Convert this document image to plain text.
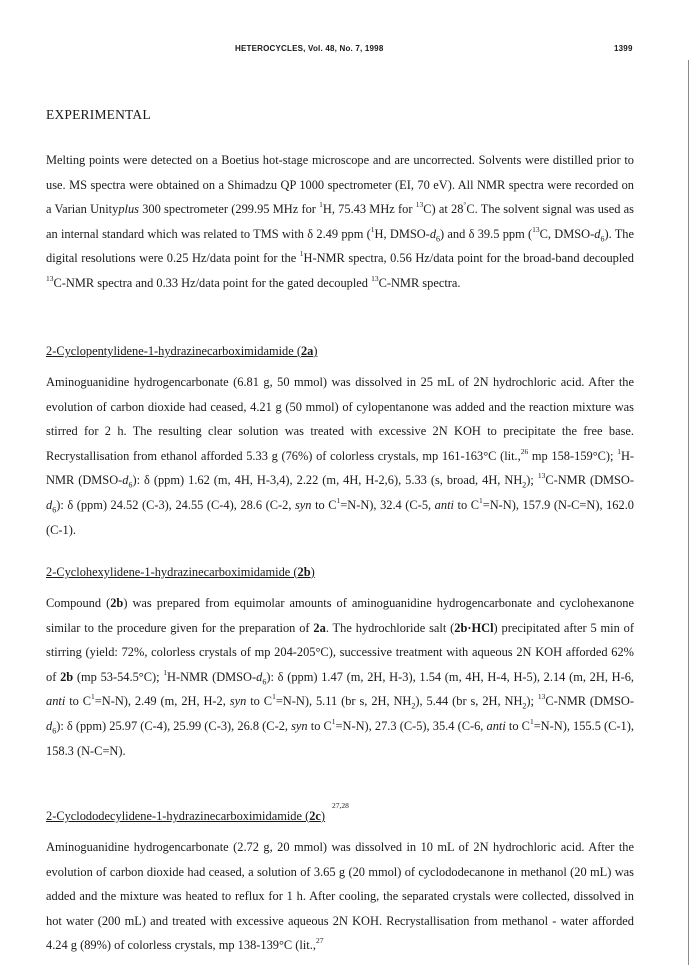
HETEROCYCLES, Vol. 48, No. 7, 1998	1399
EXPERIMENTAL

Melting points were detected on a Boetius hot-stage microscope and are uncorrected. Solvents were distilled prior to use. MS spectra were obtained on a Shimadzu QP 1000 spectrometer (EI, 70 eV). All NMR spectra were recorded on a Varian Unityplus 300 spectrometer (299.95 MHz for $^1$H, 75.43 MHz for $^{13}$C) at 28°C. The solvent signal was used as an internal standard which was related to TMS with δ 2.49 ppm ($^1$H, DMSO-$d_6$) and δ 39.5 ppm ($^{13}$C, DMSO-$d_6$). The digital resolutions were 0.25 Hz/data point for the $^1$H-NMR spectra, 0.56 Hz/data point for the broad-band decoupled $^{13}$C-NMR spectra and 0.33 Hz/data point for the gated decoupled $^{13}$C-NMR spectra.

2-Cyclopentylidene-1-hydrazinecarboximidamide (2a)

Aminoguanidine hydrogencarbonate (6.81 g, 50 mmol) was dissolved in 25 mL of 2N hydrochloric acid. After the evolution of carbon dioxide had ceased, 4.21 g (50 mmol) of cylopentanone was added and the reaction mixture was stirred for 2 h. The resulting clear solution was treated with excessive 2N KOH to precipitate the free base. Recrystallisation from ethanol afforded 5.33 g (76%) of colorless crystals, mp 161-163°C (lit.,$^{26}$ mp 158-159°C); $^1$H-NMR $(DMSO-d_6)$: δ (ppm) 1.62 (m, 4H, H-3,4), 2.22 (m, 4H, H-2,6), 5.33 (s, broad, 4H, $NH_2$); $^{13}$C-NMR $(DMSO-d_6)$: δ (ppm) 24.52 (C-3), 24.55 (C-4), 28.6 (C-2, syn to $C^1=N-N$), 32.4 (C-5, anti to $C^1=N-N$), 157.9 (N-C=N), 162.0 (C-1).

2-Cyclohexylidene-1-hydrazinecarboximidamide (2b)

Compound (2b) was prepared from equimolar amounts of aminoguanidine hydrogencarbonate and cyclohexanone similar to the procedure given for the preparation of 2a. The hydrochloride salt (2b·HCl) precipitated after 5 min of stirring (yield: 72%, colorless crystals of mp 204-205°C), successive treatment with aqueous 2N KOH afforded 62% of 2b (mp 53-54.5°C); $^1$H-NMR $(DMSO-d_6)$: δ (ppm) 1.47 (m, 2H, H-3), 1.54 (m, 4H, H-4, H-5), 2.14 (m, 2H, H-6, anti to $C^1=N-N$), 2.49 (m, 2H, H-2, syn to $C^1=N-N$), 5.11 (br s, 2H, $NH_2$), 5.44 (br s, 2H, $NH_2$); $^{13}$C-NMR $(DMSO-d_6)$: δ (ppm) 25.97 (C-4), 25.99 (C-3), 26.8 (C-2, syn to $C^1=N-N$), 27.3 (C-5), 35.4 (C-6, anti to $C^1=N-N$), 155.5 (C-1), 158.3 (N-C=N).

2-Cyclododecylidene-1-hydrazinecarboximidamide (2c)
27,28

Aminoguanidine hydrogencarbonate (2.72 g, 20 mmol) was dissolved in 10 mL of 2N hydrochloric acid. After the evolution of carbon dioxide had ceased, a solution of 3.65 g (20 mmol) of cyclododecanone in methanol (20 mL) was added and the mixture was heated to reflux for 1 h. After cooling, the separated crystals were collected, dissolved in hot water (200 mL) and treated with excessive aqueous 2N KOH. Recrystallisation from methanol - water afforded 4.24 g (89%) of colorless crystals, mp 138-139°C (lit.,$^{27}$
